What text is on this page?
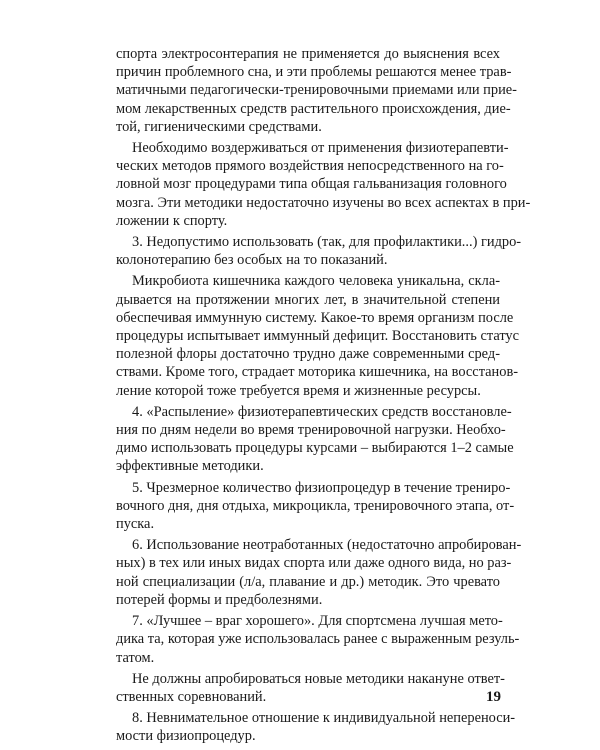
спорта электросонтерапия не применяется до выяснения всех
причин проблемного сна, и эти проблемы решаются менее трав-
матичными педагогически-тренировочными приемами или прие-
мом лекарственных средств растительного происхождения, дие-
той, гигиеническими средствами.
Необходимо воздерживаться от применения физиотерапевти-
ческих методов прямого воздействия непосредственного на го-
ловной мозг процедурами типа общая гальванизация головного
мозга. Эти методики недостаточно изучены во всех аспектах в при-
ложении к спорту.
3. Недопустимо использовать (так, для профилактики...) гидро-
колонотерапию без особых на то показаний.
Микробиота кишечника каждого человека уникальна, скла-
дывается на протяжении многих лет, в значительной степени
обеспечивая иммунную систему. Какое-то время организм после
процедуры испытывает иммунный дефицит. Восстановить статус
полезной флоры достаточно трудно даже современными сред-
ствами. Кроме того, страдает моторика кишечника, на восстанов-
ление которой тоже требуется время и жизненные ресурсы.
4. «Распыление» физиотерапевтических средств восстановле-
ния по дням недели во время тренировочной нагрузки. Необхо-
димо использовать процедуры курсами – выбираются 1–2 самые
эффективные методики.
5. Чрезмерное количество физиопроцедур в течение трениро-
вочного дня, дня отдыха, микроцикла, тренировочного этапа, от-
пуска.
6. Использование неотработанных (недостаточно апробирован-
ных) в тех или иных видах спорта или даже одного вида, но раз-
ной специализации (л/а, плавание и др.) методик. Это чревато
потерей формы и предболезнями.
7. «Лучшее – враг хорошего». Для спортсмена лучшая мето-
дика та, которая уже использовалась ранее с выраженным резуль-
татом.
Не должны апробироваться новые методики накануне ответ-
ственных соревнований.
8. Невнимательное отношение к индивидуальной непереноси-
мости физиопроцедур.
19
